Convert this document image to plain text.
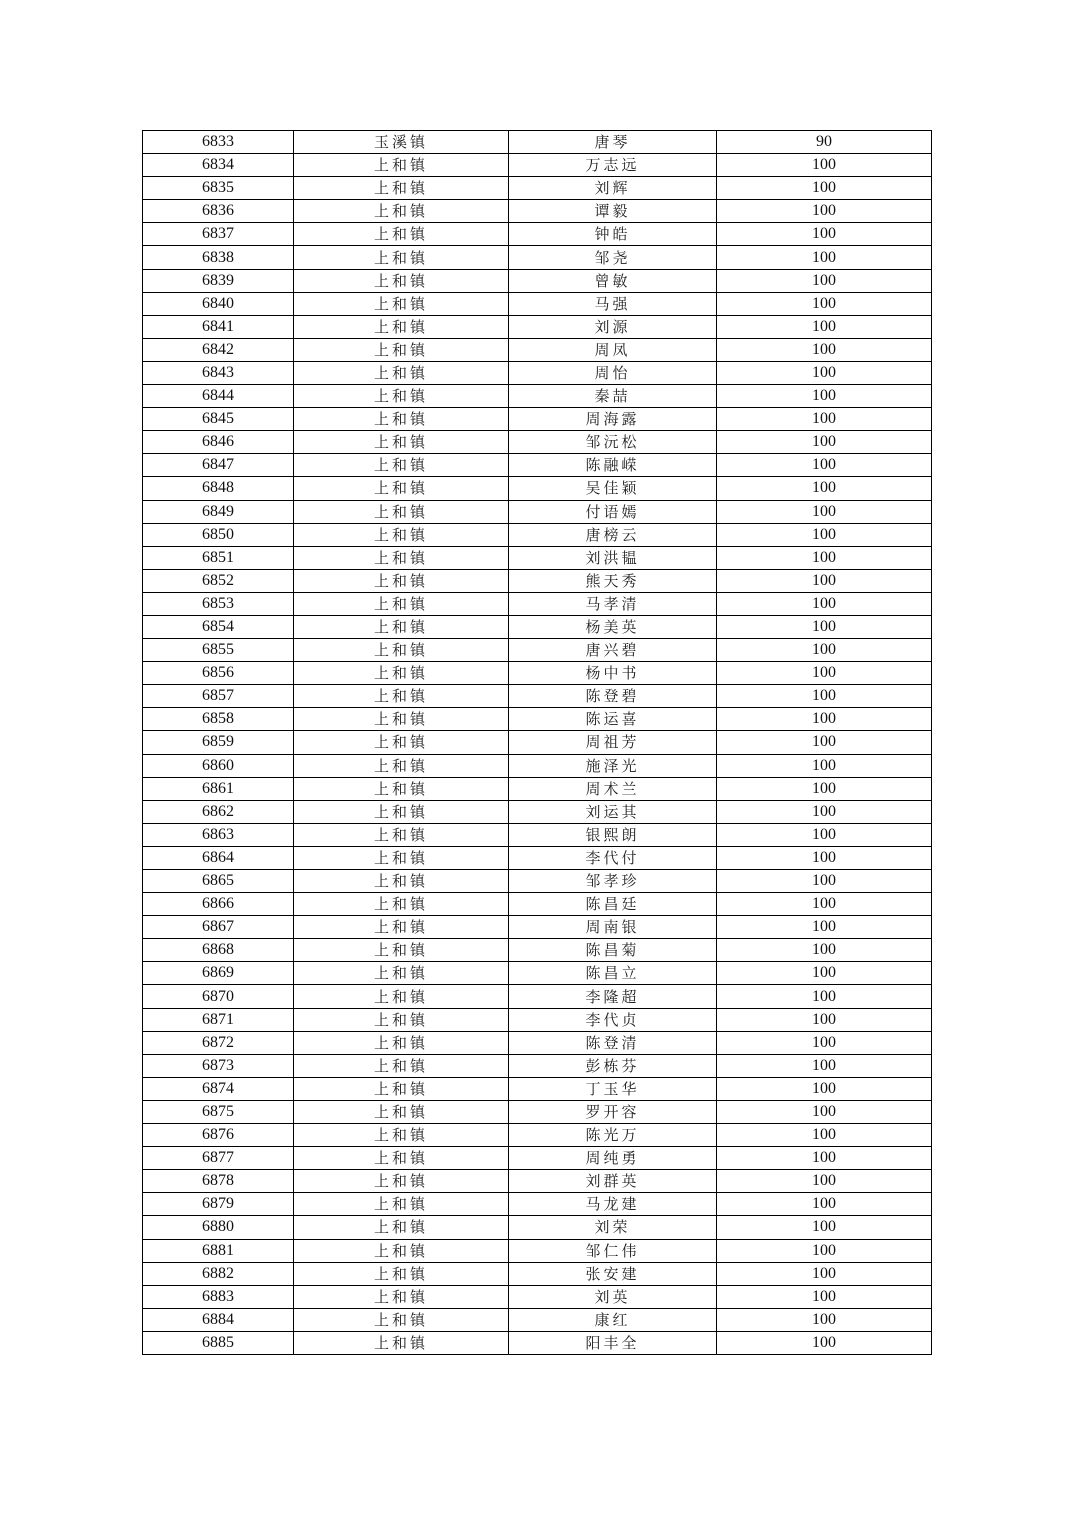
6833	玉溪镇	唐琴	90
6834	上和镇	万志远	100
6835	上和镇	刘辉	100
6836	上和镇	谭毅	100
6837	上和镇	钟皓	100
6838	上和镇	邹尧	100
6839	上和镇	曾敏	100
6840	上和镇	马强	100
6841	上和镇	刘源	100
6842	上和镇	周凤	100
6843	上和镇	周怡	100
6844	上和镇	秦喆	100
6845	上和镇	周海露	100
6846	上和镇	邹沅松	100
6847	上和镇	陈融嵘	100
6848	上和镇	吴佳颖	100
6849	上和镇	付语嫣	100
6850	上和镇	唐榜云	100
6851	上和镇	刘洪韫	100
6852	上和镇	熊天秀	100
6853	上和镇	马孝清	100
6854	上和镇	杨美英	100
6855	上和镇	唐兴碧	100
6856	上和镇	杨中书	100
6857	上和镇	陈登碧	100
6858	上和镇	陈运喜	100
6859	上和镇	周祖芳	100
6860	上和镇	施泽光	100
6861	上和镇	周术兰	100
6862	上和镇	刘运其	100
6863	上和镇	银熙朗	100
6864	上和镇	李代付	100
6865	上和镇	邹孝珍	100
6866	上和镇	陈昌廷	100
6867	上和镇	周南银	100
6868	上和镇	陈昌菊	100
6869	上和镇	陈昌立	100
6870	上和镇	李隆超	100
6871	上和镇	李代贞	100
6872	上和镇	陈登清	100
6873	上和镇	彭栋芬	100
6874	上和镇	丁玉华	100
6875	上和镇	罗开容	100
6876	上和镇	陈光万	100
6877	上和镇	周纯勇	100
6878	上和镇	刘群英	100
6879	上和镇	马龙建	100
6880	上和镇	刘荣	100
6881	上和镇	邹仁伟	100
6882	上和镇	张安建	100
6883	上和镇	刘英	100
6884	上和镇	康红	100
6885	上和镇	阳丰全	100
